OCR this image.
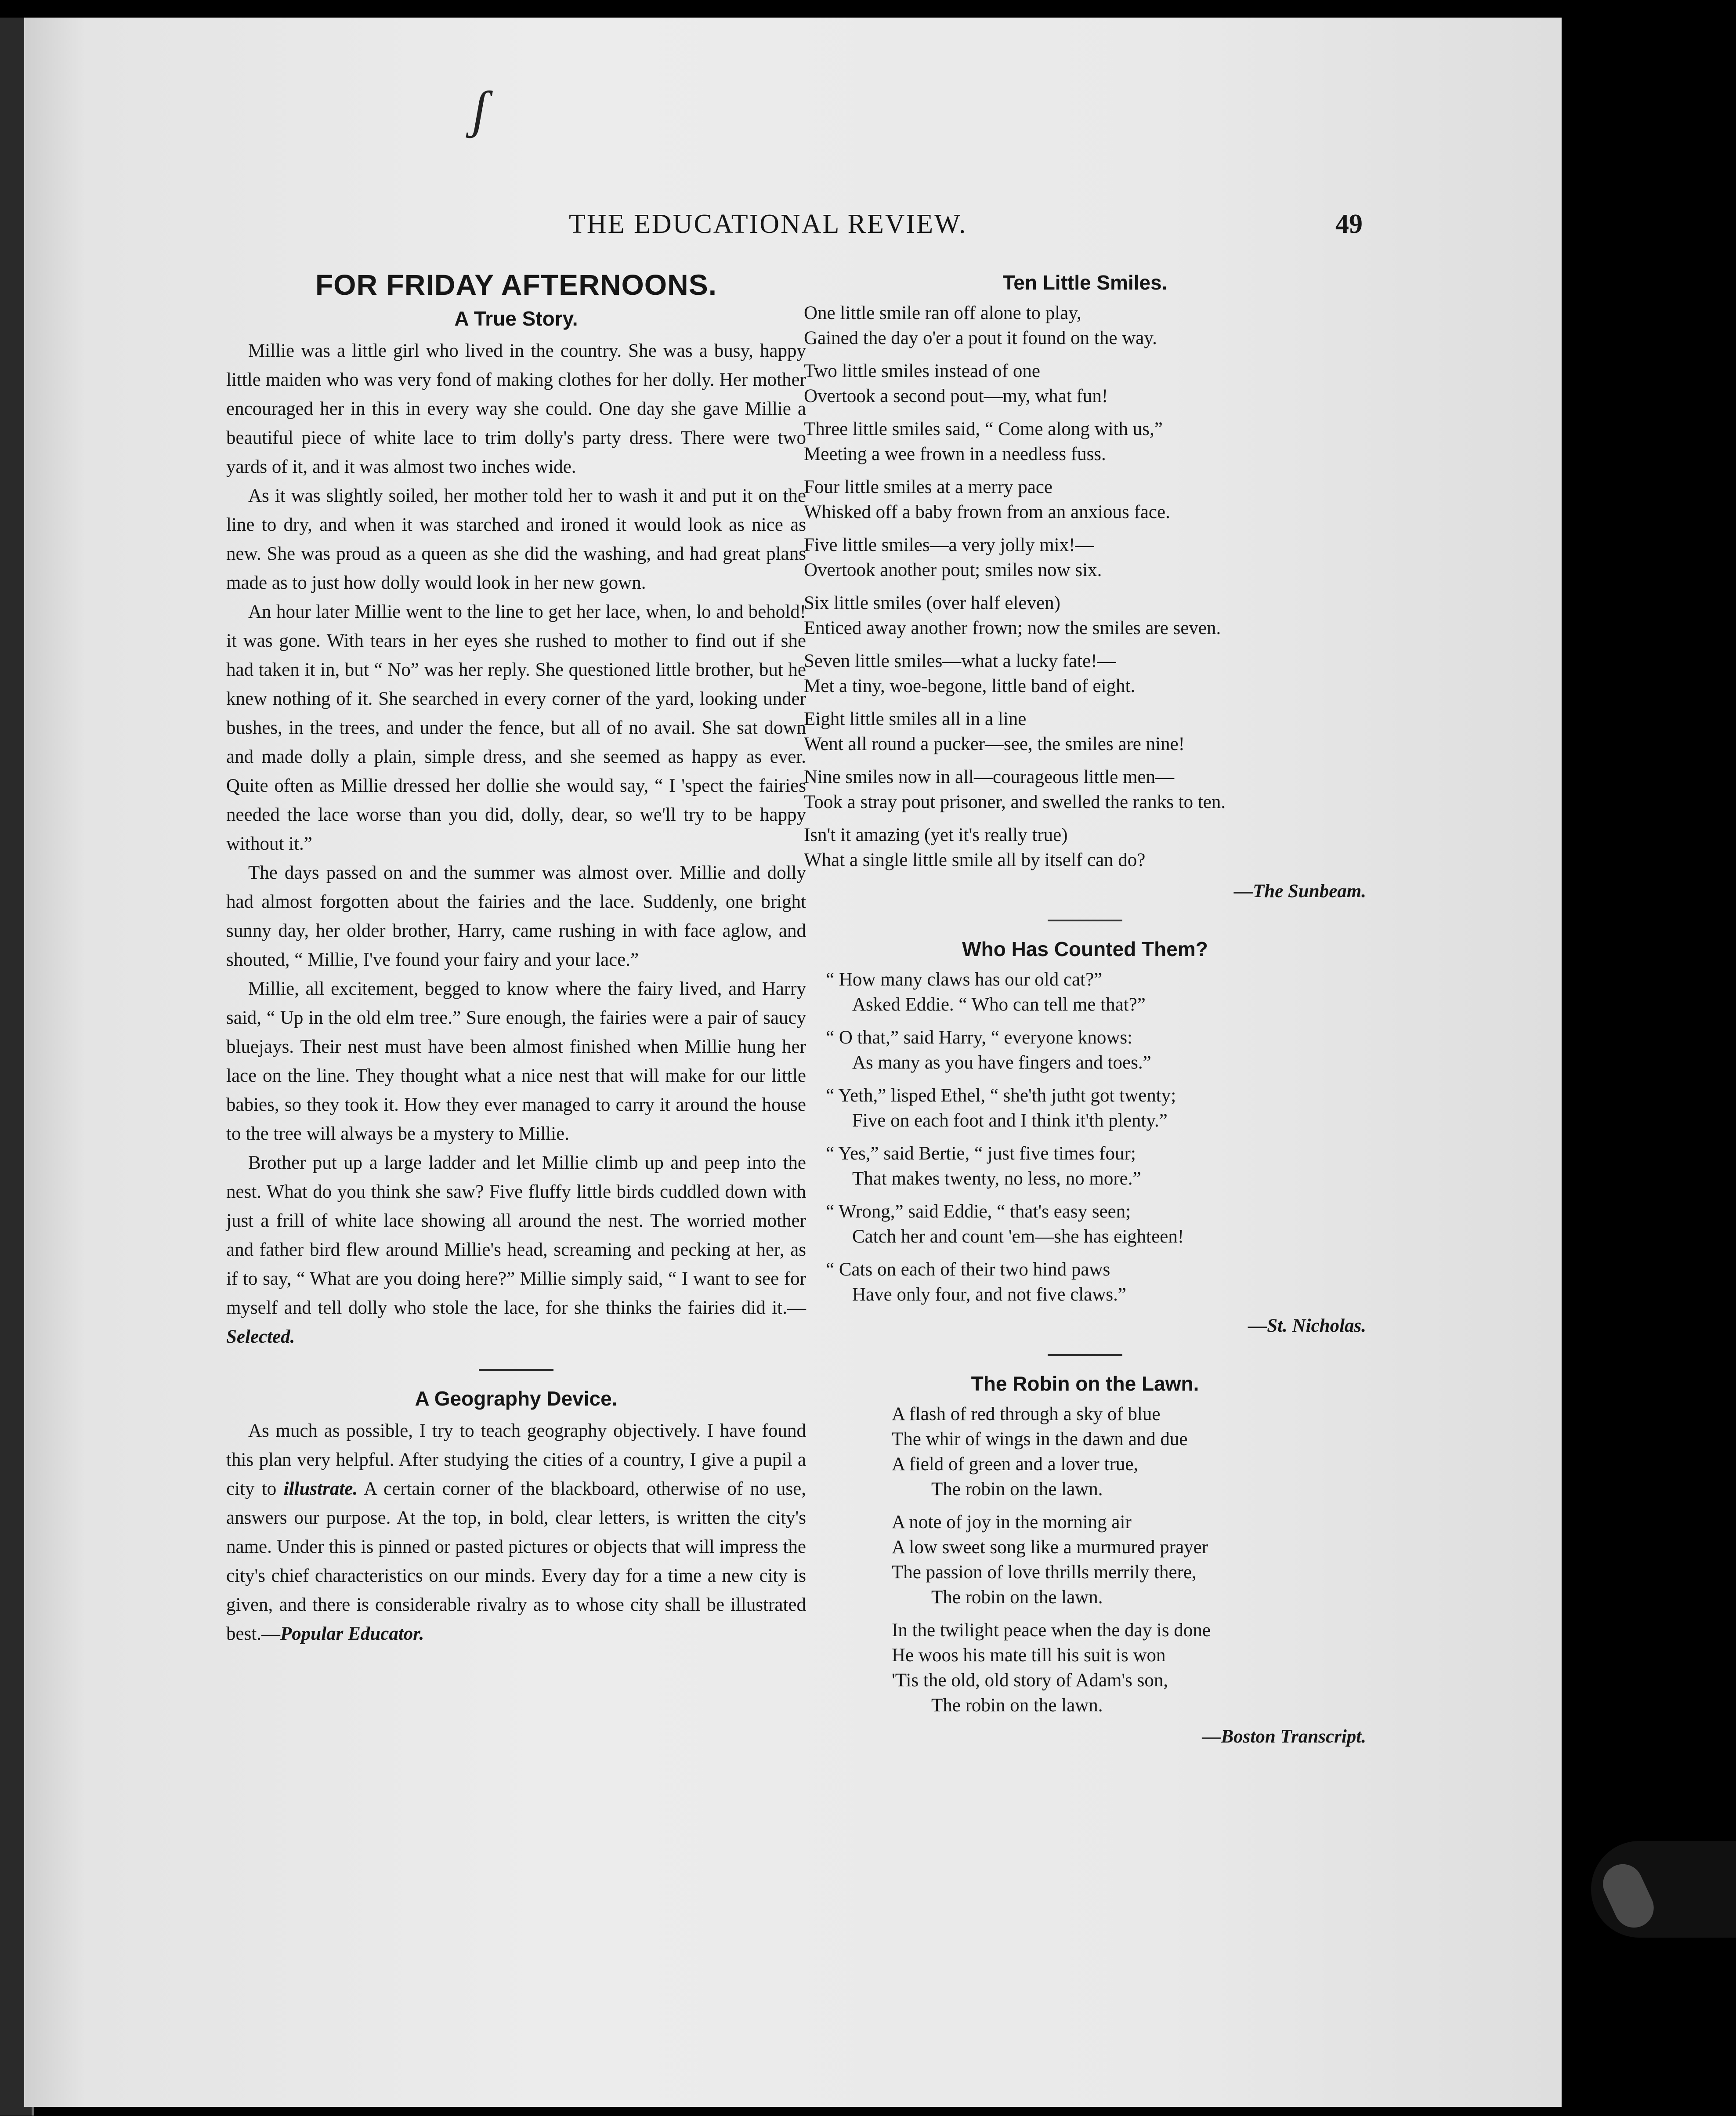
ʃ
THE EDUCATIONAL REVIEW.	49
FOR FRIDAY AFTERNOONS.
A True Story.

Millie was a little girl who lived in the country. She was a busy, happy little maiden who was very fond of making clothes for her dolly. Her mother encouraged her in this in every way she could. One day she gave Millie a beautiful piece of white lace to trim dolly's party dress. There were two yards of it, and it was almost two inches wide.

As it was slightly soiled, her mother told her to wash it and put it on the line to dry, and when it was starched and ironed it would look as nice as new. She was proud as a queen as she did the washing, and had great plans made as to just how dolly would look in her new gown.

An hour later Millie went to the line to get her lace, when, lo and behold! it was gone. With tears in her eyes she rushed to mother to find out if she had taken it in, but “ No” was her reply. She questioned little brother, but he knew nothing of it. She searched in every corner of the yard, looking under bushes, in the trees, and under the fence, but all of no avail. She sat down and made dolly a plain, simple dress, and she seemed as happy as ever. Quite often as Millie dressed her dollie she would say, “ I 'spect the fairies needed the lace worse than you did, dolly, dear, so we'll try to be happy without it.”

The days passed on and the summer was almost over. Millie and dolly had almost forgotten about the fairies and the lace. Suddenly, one bright sunny day, her older brother, Harry, came rushing in with face aglow, and shouted, “ Millie, I've found your fairy and your lace.”

Millie, all excitement, begged to know where the fairy lived, and Harry said, “ Up in the old elm tree.” Sure enough, the fairies were a pair of saucy bluejays. Their nest must have been almost finished when Millie hung her lace on the line. They thought what a nice nest that will make for our little babies, so they took it. How they ever managed to carry it around the house to the tree will always be a mystery to Millie.

Brother put up a large ladder and let Millie climb up and peep into the nest. What do you think she saw? Five fluffy little birds cuddled down with just a frill of white lace showing all around the nest. The worried mother and father bird flew around Millie's head, screaming and pecking at her, as if to say, “ What are you doing here?” Millie simply said, “ I want to see for myself and tell dolly who stole the lace, for she thinks the fairies did it.—Selected.

A Geography Device.

As much as possible, I try to teach geography objectively. I have found this plan very helpful. After studying the cities of a country, I give a pupil a city to illustrate. A certain corner of the blackboard, otherwise of no use, answers our purpose. At the top, in bold, clear letters, is written the city's name. Under this is pinned or pasted pictures or objects that will impress the city's chief characteristics on our minds. Every day for a time a new city is given, and there is considerable rivalry as to whose city shall be illustrated best.—Popular Educator.

Ten Little Smiles.
One little smile ran off alone to play,
Gained the day o'er a pout it found on the way.
Two little smiles instead of one
Overtook a second pout—my, what fun!
Three little smiles said, “ Come along with us,”
Meeting a wee frown in a needless fuss.
Four little smiles at a merry pace
Whisked off a baby frown from an anxious face.
Five little smiles—a very jolly mix!—
Overtook another pout; smiles now six.
Six little smiles (over half eleven)
Enticed away another frown; now the smiles are seven.
Seven little smiles—what a lucky fate!—
Met a tiny, woe-begone, little band of eight.
Eight little smiles all in a line
Went all round a pucker—see, the smiles are nine!
Nine smiles now in all—courageous little men—
Took a stray pout prisoner, and swelled the ranks to ten.
Isn't it amazing (yet it's really true)
What a single little smile all by itself can do?
—The Sunbeam.
Who Has Counted Them?
“ How many claws has our old cat?”
Asked Eddie. “ Who can tell me that?”
“ O that,” said Harry, “ everyone knows:
As many as you have fingers and toes.”
“ Yeth,” lisped Ethel, “ she'th jutht got twenty;
Five on each foot and I think it'th plenty.”
“ Yes,” said Bertie, “ just five times four;
That makes twenty, no less, no more.”
“ Wrong,” said Eddie, “ that's easy seen;
Catch her and count 'em—she has eighteen!
“ Cats on each of their two hind paws
Have only four, and not five claws.”
—St. Nicholas.
The Robin on the Lawn.
A flash of red through a sky of blue
The whir of wings in the dawn and due
A field of green and a lover true,
The robin on the lawn.
A note of joy in the morning air
A low sweet song like a murmured prayer
The passion of love thrills merrily there,
The robin on the lawn.
In the twilight peace when the day is done
He woos his mate till his suit is won
'Tis the old, old story of Adam's son,
The robin on the lawn.
—Boston Transcript.
